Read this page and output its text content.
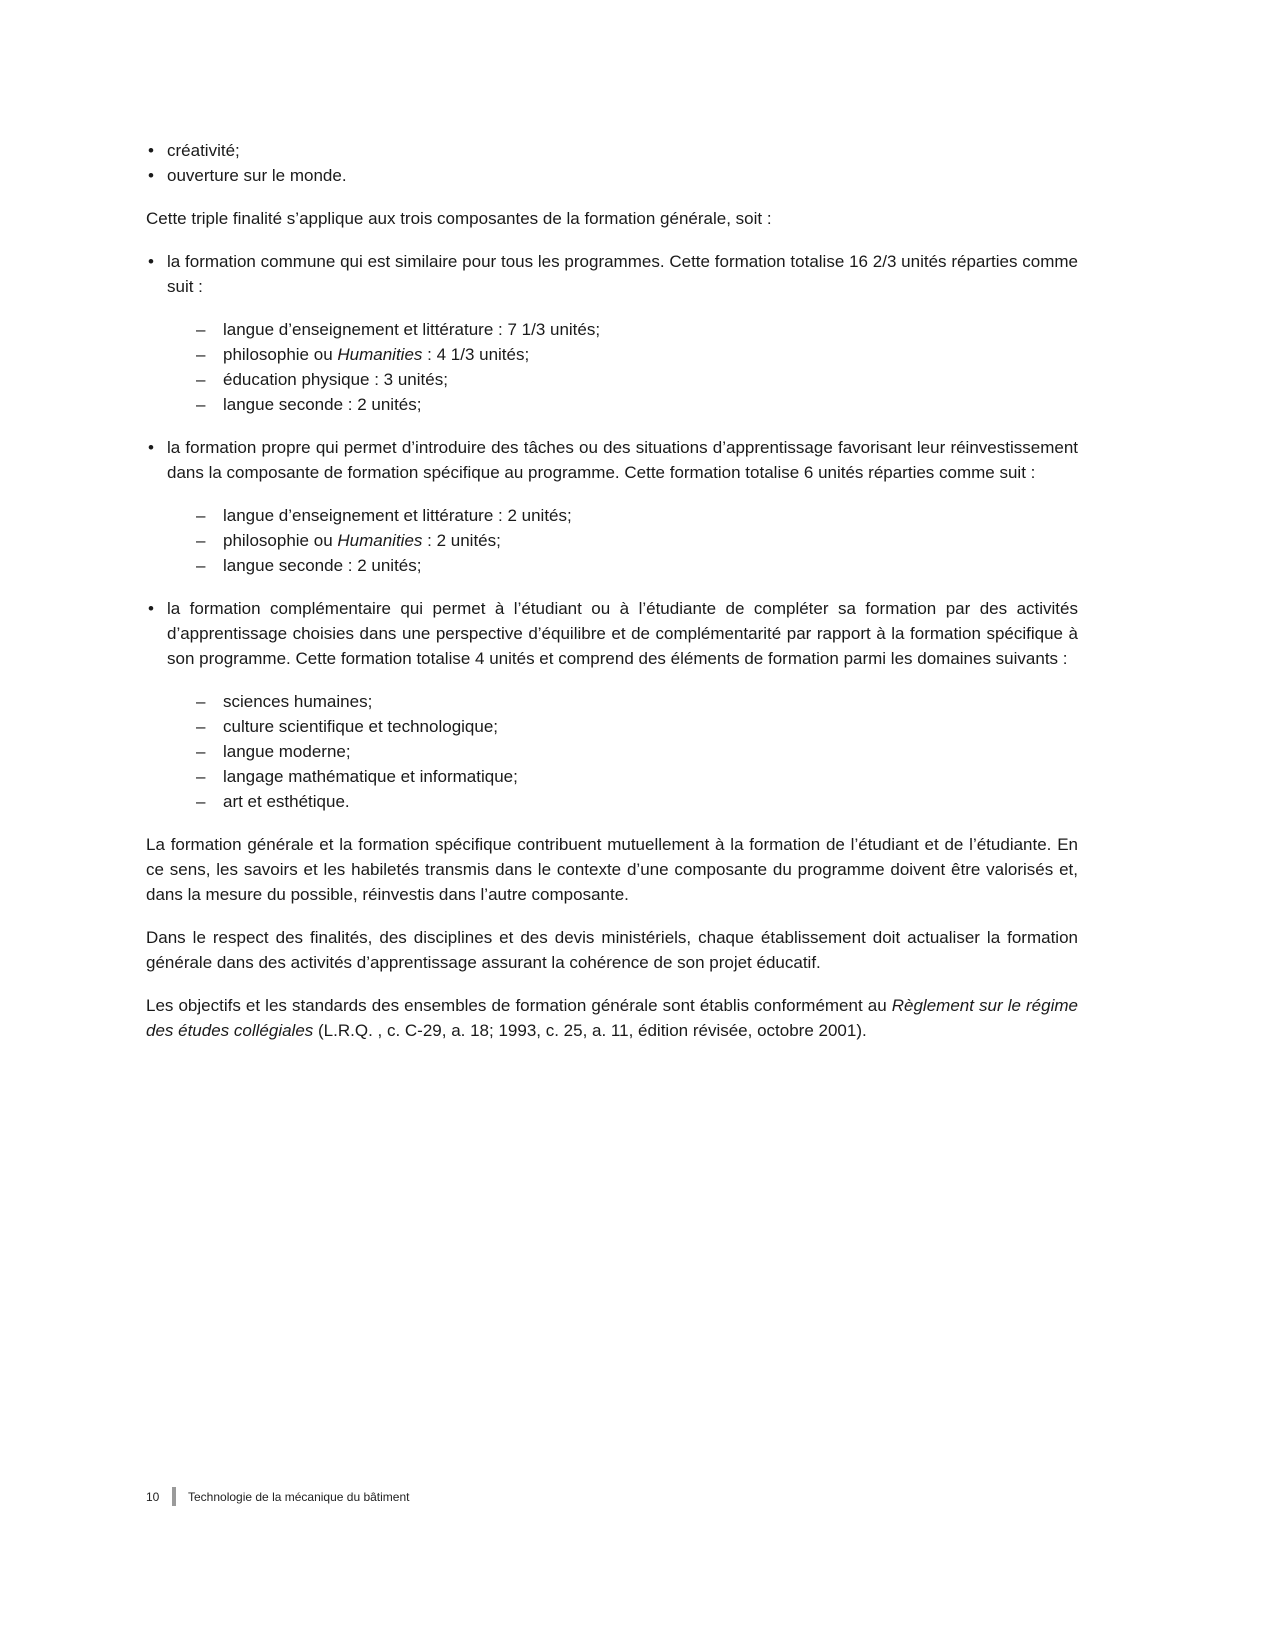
• créativité;
• ouverture sur le monde.

Cette triple finalité s’applique aux trois composantes de la formation générale, soit :

• la formation commune qui est similaire pour tous les programmes. Cette formation totalise 16 2/3 unités réparties comme suit :
– langue d’enseignement et littérature : 7 1/3 unités;
– philosophie ou Humanities : 4 1/3 unités;
– éducation physique : 3 unités;
– langue seconde : 2 unités;
• la formation propre qui permet d’introduire des tâches ou des situations d’apprentissage favorisant leur réinvestissement dans la composante de formation spécifique au programme. Cette formation totalise 6 unités réparties comme suit :
– langue d’enseignement et littérature : 2 unités;
– philosophie ou Humanities : 2 unités;
– langue seconde : 2 unités;
• la formation complémentaire qui permet à l’étudiant ou à l’étudiante de compléter sa formation par des activités d’apprentissage choisies dans une perspective d’équilibre et de complémentarité par rapport à la formation spécifique à son programme. Cette formation totalise 4 unités et comprend des éléments de formation parmi les domaines suivants :
– sciences humaines;
– culture scientifique et technologique;
– langue moderne;
– langage mathématique et informatique;
– art et esthétique.

La formation générale et la formation spécifique contribuent mutuellement à la formation de l’étudiant et de l’étudiante. En ce sens, les savoirs et les habiletés transmis dans le contexte d’une composante du programme doivent être valorisés et, dans la mesure du possible, réinvestis dans l’autre composante.

Dans le respect des finalités, des disciplines et des devis ministériels, chaque établissement doit actualiser la formation générale dans des activités d’apprentissage assurant la cohérence de son projet éducatif.

Les objectifs et les standards des ensembles de formation générale sont établis conformément au Règlement sur le régime des études collégiales (L.R.Q. , c. C-29, a. 18; 1993, c. 25, a. 11, édition révisée, octobre 2001).

10	Technologie de la mécanique du bâtiment
